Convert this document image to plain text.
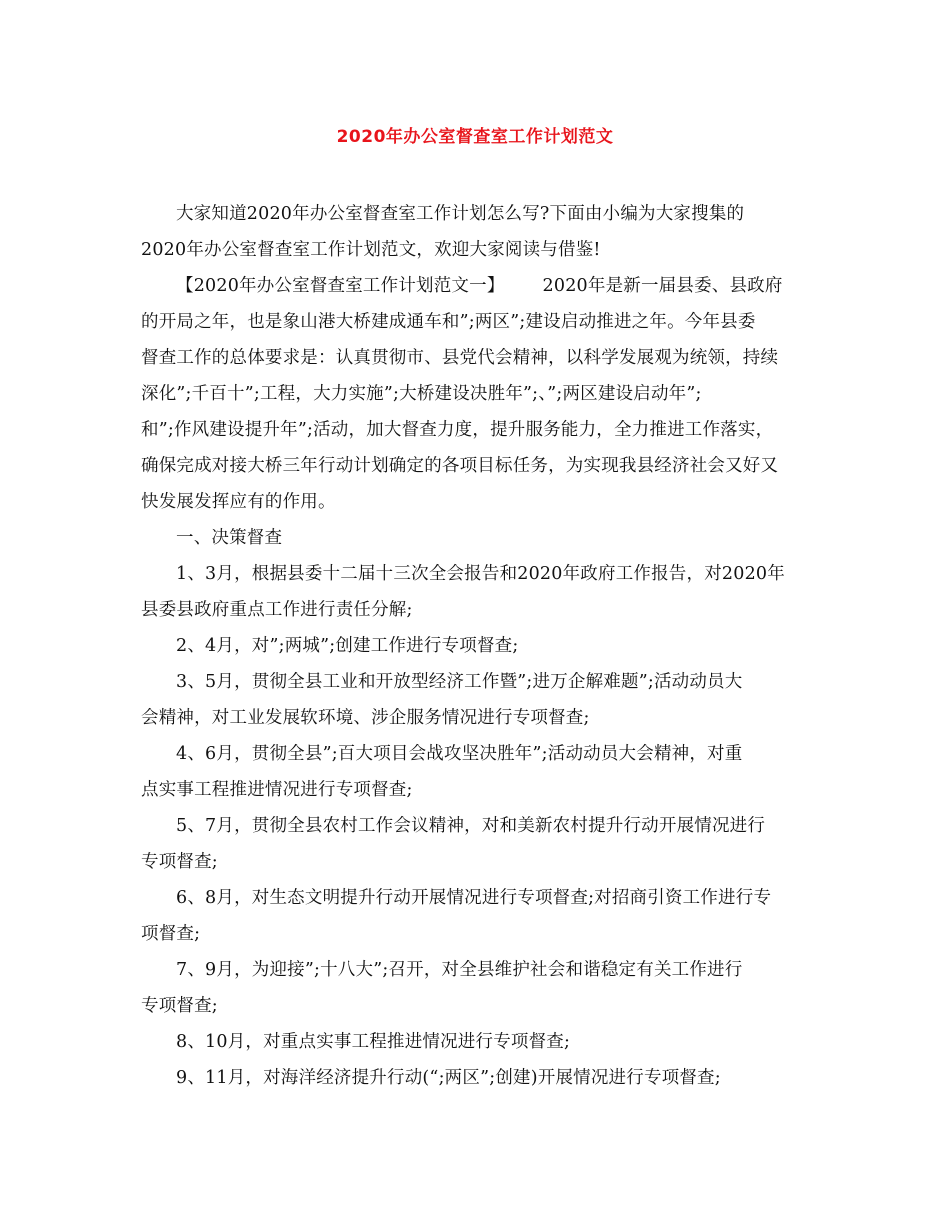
2020年办公室督查室工作计划范文

大家知道2020年办公室督查室工作计划怎么写?下面由小编为大家搜集的
2020年办公室督查室工作计划范文，欢迎大家阅读与借鉴!

【2020年办公室督查室工作计划范文一】 2020年是新一届县委、县政府
的开局之年，也是象山港大桥建成通车和”;两区”;建设启动推进之年。今年县委
督查工作的总体要求是：认真贯彻市、县党代会精神，以科学发展观为统领，持续
深化”;千百十”;工程，大力实施”;大桥建设决胜年”;、”;两区建设启动年”;
和”;作风建设提升年”;活动，加大督查力度，提升服务能力，全力推进工作落实，
确保完成对接大桥三年行动计划确定的各项目标任务，为实现我县经济社会又好又
快发展发挥应有的作用。

一、决策督查

1、3月，根据县委十二届十三次全会报告和2020年政府工作报告，对2020年
县委县政府重点工作进行责任分解;

2、4月，对”;两城”;创建工作进行专项督查;

3、5月，贯彻全县工业和开放型经济工作暨”;进万企解难题”;活动动员大
会精神，对工业发展软环境、涉企服务情况进行专项督查;

4、6月，贯彻全县”;百大项目会战攻坚决胜年”;活动动员大会精神，对重
点实事工程推进情况进行专项督查;

5、7月，贯彻全县农村工作会议精神，对和美新农村提升行动开展情况进行
专项督查;

6、8月，对生态文明提升行动开展情况进行专项督查;对招商引资工作进行专
项督查;

7、9月，为迎接”;十八大”;召开，对全县维护社会和谐稳定有关工作进行
专项督查;

8、10月，对重点实事工程推进情况进行专项督查;

9、11月，对海洋经济提升行动(“;两区”;创建)开展情况进行专项督查;
